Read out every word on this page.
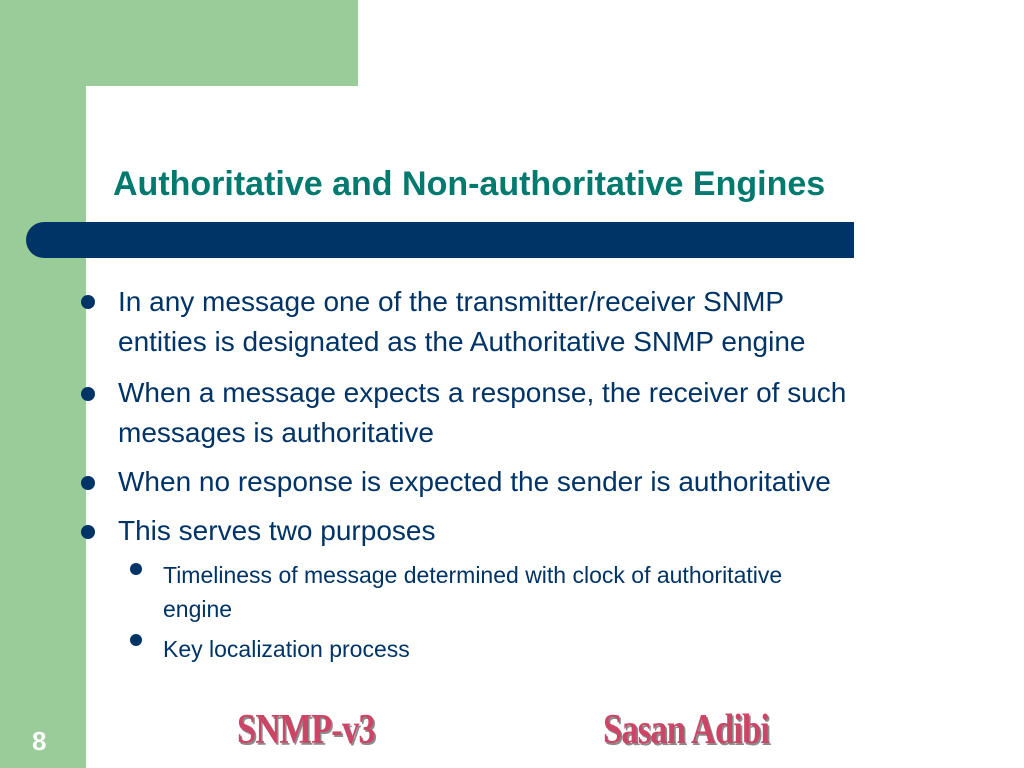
Authoritative and Non-authoritative Engines
In any message one of the transmitter/receiver SNMP
entities is designated as the Authoritative SNMP engine
When a message expects a response, the receiver of such
messages is authoritative
When no response is expected the sender is authoritative
This serves two purposes
Timeliness of message determined with clock of authoritative
engine
Key localization process
8	SNMP-v3	Sasan Adibi
